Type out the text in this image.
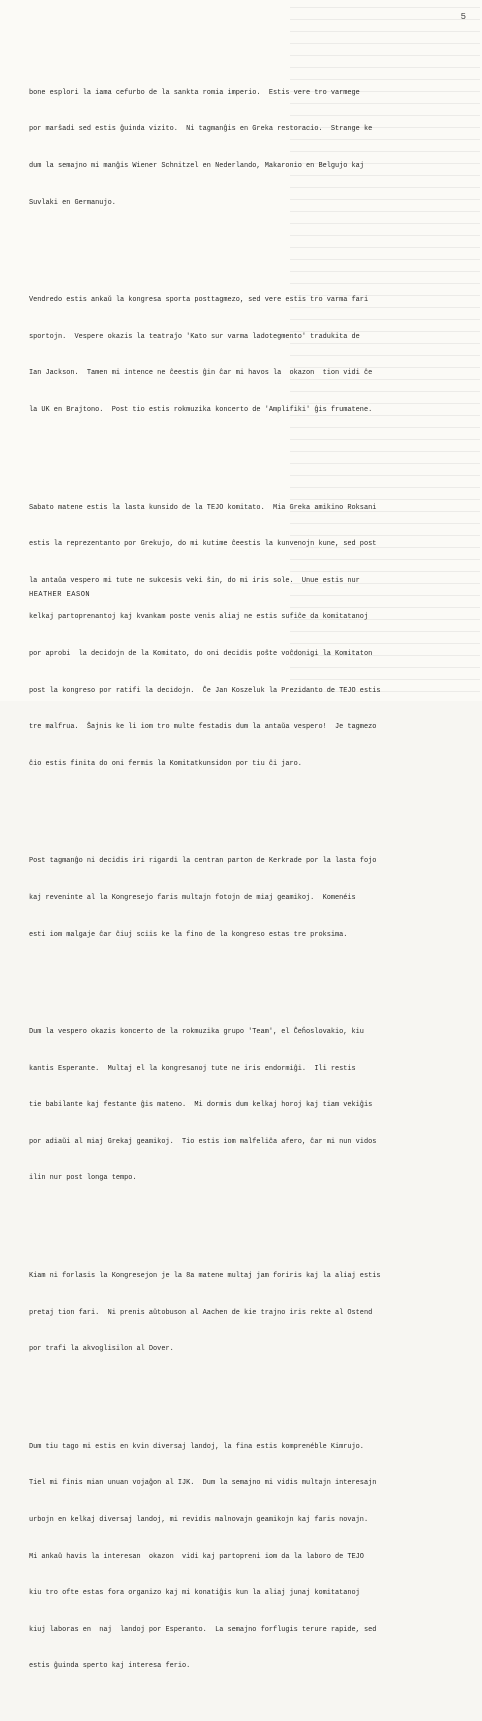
5

bone esplori la iama cefurbo de la sankta romia imperio.  Estis vere tro varmege

por marŝadi sed estis ĝuinda vizito.  Ni tagmanĝis en Greka restoracio.  Strange ke

dum la semajno mi manĝis Wiener Schnitzel en Nederlando, Makaronio en Belgujo kaj

Suvlaki en Germanujo.

Vendredo estis ankaŭ la kongresa sporta posttagmezo, sed vere estis tro varma fari

sportojn.  Vespere okazis la teatraĵo 'Kato sur varma ladotegmento' tradukita de

Ian Jackson.  Tamen mi intence ne ĉeestis ĝin ĉar mi havos la  okazon  tion vidi ĉe

la UK en Brajtono.  Post tio estis rokmuzika koncerto de 'Amplifiki' ĝis frumatene.

Sabato matene estis la lasta kunsido de la TEJO komitato.  Mia Greka amikino Roksani

estis la reprezentanto por Grekujo, do mi kutime ĉeestis la kunvenojn kune, sed post

la antaŭa vespero mi tute ne sukcesis veki ŝin, do mi iris sole.  Unue estis nur

kelkaj partoprenantoj kaj kvankam poste venis aliaj ne estis sufiĉe da komitatanoj

por aprobi  la decidojn de la Komitato, do oni decidis poŝte voĉdonigi la Komitaton

post la kongreso por ratifi la decidojn.  Ĉe Jan Koszeluk la Prezidanto de TEJO estis

tre malfrua.  Ŝajnis ke li iom tro multe festadis dum la antaŭa vespero!  Je tagmezo

ĉio estis finita do oni fermis la Komitatkunsidon por tiu ĉi jaro.

Post tagmanĝo ni decidis iri rigardi la centran parton de Kerkrade por la lasta fojo

kaj reveninte al la Kongresejo faris multajn fotojn de miaj geamikoj.  Komenéis

esti iom malgaje ĉar ĉiuj sciis ke la fino de la kongreso estas tre proksima.

Dum la vespero okazis koncerto de la rokmuzika grupo 'Team', el Ĉeĥoslovakio, kiu

kantis Esperante.  Multaj el la kongresanoj tute ne iris endormiĝi.  Ili restis

tie babilante kaj festante ĝis mateno.  Mi dormis dum kelkaj horoj kaj tiam vekiĝis

por adiaŭi al miaj Grekaj geamikoj.  Tio estis iom malfeliĉa afero, ĉar mi nun vidos

ilin nur post longa tempo.

Kiam ni forlasis la Kongresejon je la 8a matene multaj jam foriris kaj la aliaj estis

pretaj tion fari.  Ni prenis aŭtobuson al Aachen de kie trajno iris rekte al Ostend

por trafi la akvoglisilon al Dover.

Dum tiu tago mi estis en kvin diversaj landoj, la fina estis komprenéble Kimrujo.

Tiel mi finis mian unuan vojaĝon al IJK.  Dum la semajno mi vidis multajn interesajn

urbojn en kelkaj diversaj landoj, mi revidis malnovajn geamikojn kaj faris novajn.

Mi ankaŭ havis la interesan  okazon  vidi kaj partopreni iom da la laboro de TEJO

kiu tro ofte estas fora organizo kaj mi konatiĝis kun la aliaj junaj komitatanoj

kiuj laboras en  naj  landoj por Esperanto.  La semajno forflugis terure rapide, sed

estis ĝuinda sperto kaj interesa ferio.

HEATHER EASON
